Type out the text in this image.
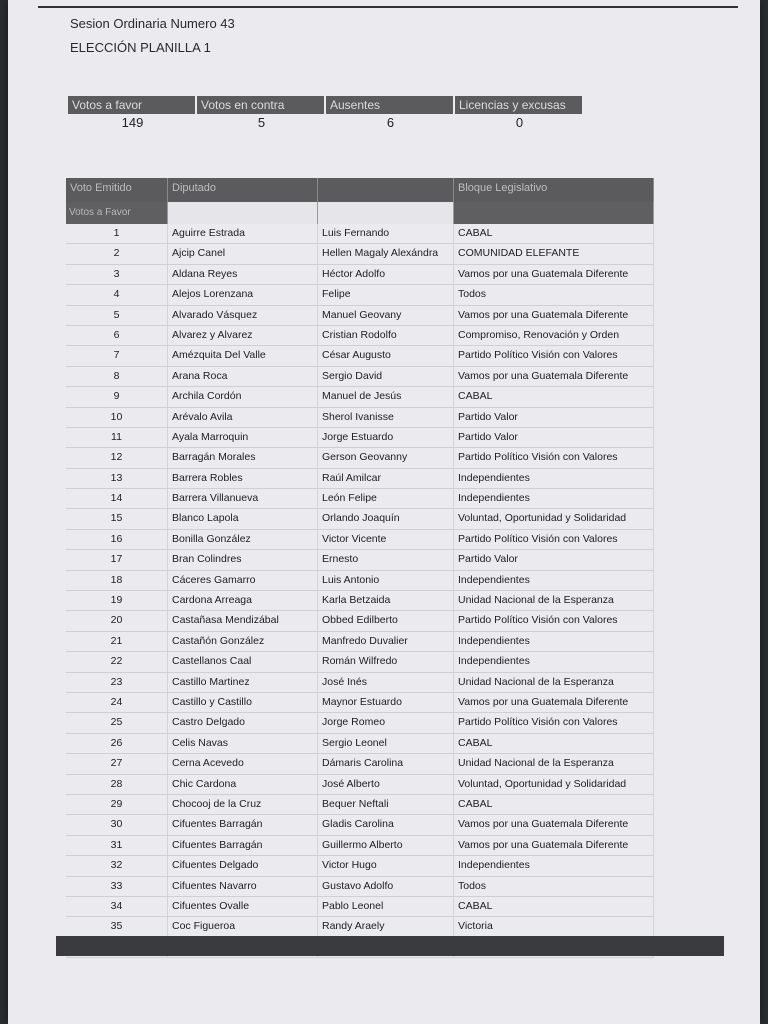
Sesion Ordinaria Numero 43
ELECCIÓN PLANILLA 1
Votos a favor	Votos en contra	Ausentes	Licencias y excusas
149	5	6	0
Voto Emitido	Diputado	Bloque Legislativo
Votos a Favor
1	Aguirre Estrada	Luis Fernando	CABAL
2	Ajcip Canel	Hellen Magaly Alexándra	COMUNIDAD ELEFANTE
3	Aldana Reyes	Héctor Adolfo	Vamos por una Guatemala Diferente
4	Alejos Lorenzana	Felipe	Todos
5	Alvarado Vásquez	Manuel Geovany	Vamos por una Guatemala Diferente
6	Alvarez y Alvarez	Cristian Rodolfo	Compromiso, Renovación y Orden
7	Amézquita Del Valle	César Augusto	Partido Político Visión con Valores
8	Arana Roca	Sergio David	Vamos por una Guatemala Diferente
9	Archila Cordón	Manuel de Jesús	CABAL
10	Arévalo Avila	Sherol Ivanisse	Partido Valor
11	Ayala Marroquin	Jorge Estuardo	Partido Valor
12	Barragán Morales	Gerson Geovanny	Partido Político Visión con Valores
13	Barrera Robles	Raúl Amilcar	Independientes
14	Barrera Villanueva	León Felipe	Independientes
15	Blanco Lapola	Orlando Joaquín	Voluntad, Oportunidad y Solidaridad
16	Bonilla González	Victor Vicente	Partido Político Visión con Valores
17	Bran Colindres	Ernesto	Partido Valor
18	Cáceres Gamarro	Luis Antonio	Independientes
19	Cardona Arreaga	Karla Betzaida	Unidad Nacional de la Esperanza
20	Castañasa Mendizábal	Obbed Edilberto	Partido Político Visión con Valores
21	Castañón González	Manfredo Duvalier	Independientes
22	Castellanos Caal	Román Wilfredo	Independientes
23	Castillo Martinez	José Inés	Unidad Nacional de la Esperanza
24	Castillo y Castillo	Maynor Estuardo	Vamos por una Guatemala Diferente
25	Castro Delgado	Jorge Romeo	Partido Político Visión con Valores
26	Celis Navas	Sergio Leonel	CABAL
27	Cerna Acevedo	Dámaris Carolina	Unidad Nacional de la Esperanza
28	Chic Cardona	José Alberto	Voluntad, Oportunidad y Solidaridad
29	Chocooj de la Cruz	Bequer Neftali	CABAL
30	Cifuentes Barragán	Gladis Carolina	Vamos por una Guatemala Diferente
31	Cifuentes Barragán	Guillermo Alberto	Vamos por una Guatemala Diferente
32	Cifuentes Delgado	Victor Hugo	Independientes
33	Cifuentes Navarro	Gustavo Adolfo	Todos
34	Cifuentes Ovalle	Pablo Leonel	CABAL
35	Coc Figueroa	Randy Araely	Victoria
